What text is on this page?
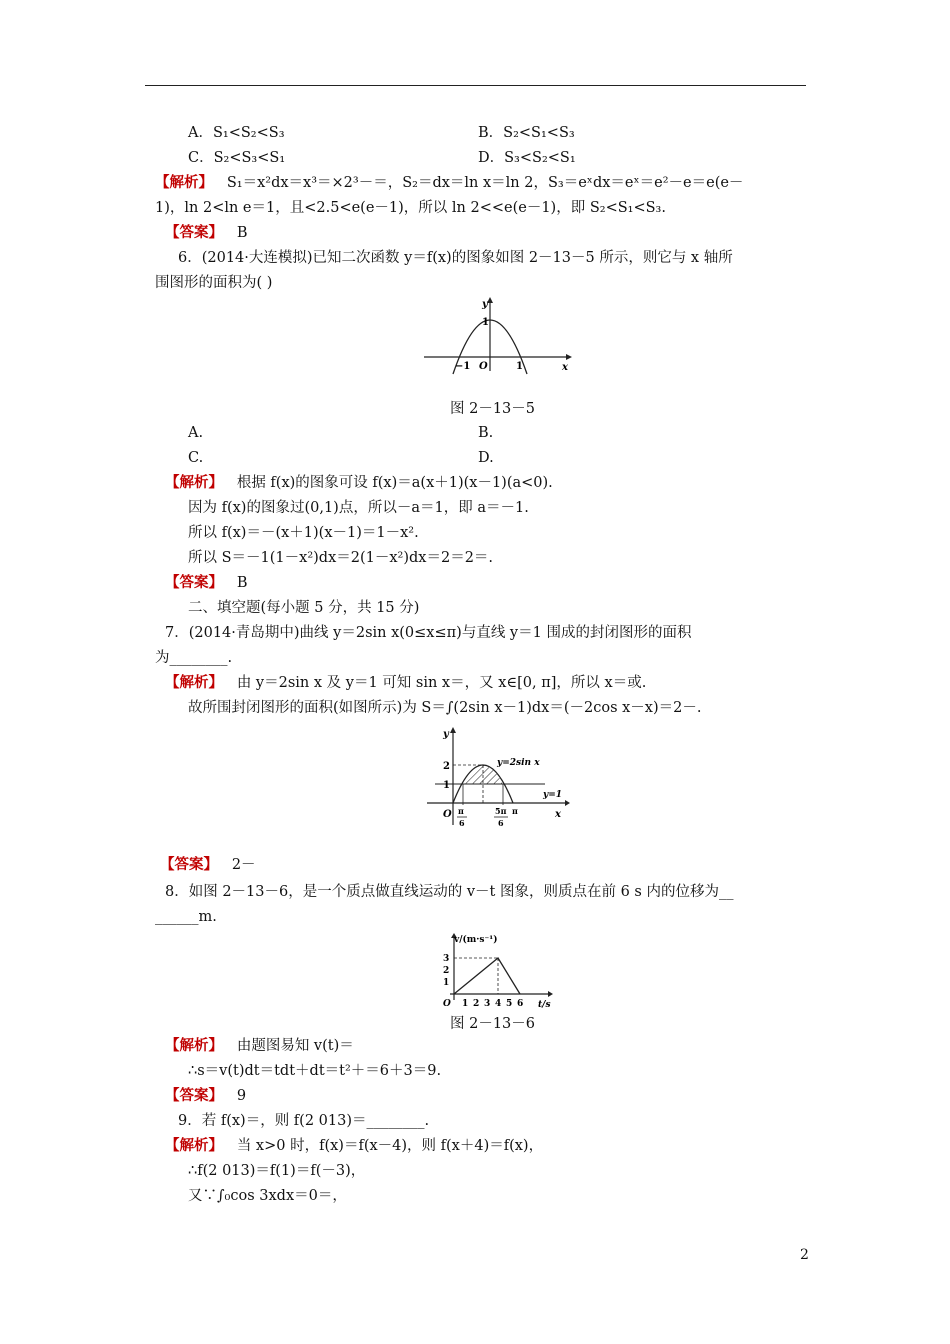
A．S₁<S₂<S₃	B．S₂<S₁<S₃
C．S₂<S₃<S₁	D．S₃<S₂<S₁
【解析】 S₁＝x²dx＝x³＝×2³－＝，S₂＝dx＝ln x＝ln 2，S₃＝eˣdx＝eˣ＝e²－e＝e(e－
1)，ln 2<ln e＝1，且<2.5<e(e－1)，所以 ln 2<<e(e－1)，即 S₂<S₁<S₃.
【答案】 B
6．(2014·大连模拟)已知二次函数 y＝f(x)的图象如图 2－13－5 所示，则它与 x 轴所
围图形的面积为( )
y
x
1
−1 O	1
图 2－13－5
A.	B.
C.	D.
【解析】 根据 f(x)的图象可设 f(x)＝a(x＋1)(x－1)(a<0).
因为 f(x)的图象过(0,1)点，所以－a＝1，即 a＝－1.
所以 f(x)＝－(x＋1)(x－1)＝1－x².
所以 S＝－1(1－x²)dx＝2(1－x²)dx＝2＝2＝.
【答案】 B
二、填空题(每小题 5 分，共 15 分)
7．(2014·青岛期中)曲线 y＝2sin x(0≤x≤π)与直线 y＝1 围成的封闭图形的面积
为________.
【解析】 由 y＝2sin x 及 y＝1 可知 sin x＝，又 x∈[0, π]，所以 x＝或.
故所围封闭图形的面积(如图所示)为 S＝∫(2sin x－1)dx＝(－2cos x－x)＝2－.
y
x
2
1
y=2sin x
y=1
O π
6
5π
6
π
【答案】 2－
8．如图 2－13－6，是一个质点做直线运动的 v－t 图象，则质点在前 6 s 内的位移为__
______m.
v/(m·s⁻¹)
t/s
3
2
1
O 1 2 3 4 5 6
图 2－13－6
【解析】 由题图易知 v(t)＝
∴s＝v(t)dt＝tdt＋dt＝t²＋＝6＋3＝9.
【答案】 9
9．若 f(x)＝，则 f(2 013)＝________.
【解析】 当 x>0 时，f(x)＝f(x－4)，则 f(x＋4)＝f(x)，
∴f(2 013)＝f(1)＝f(－3)，
又∵∫₀cos 3xdx＝0＝，
2
